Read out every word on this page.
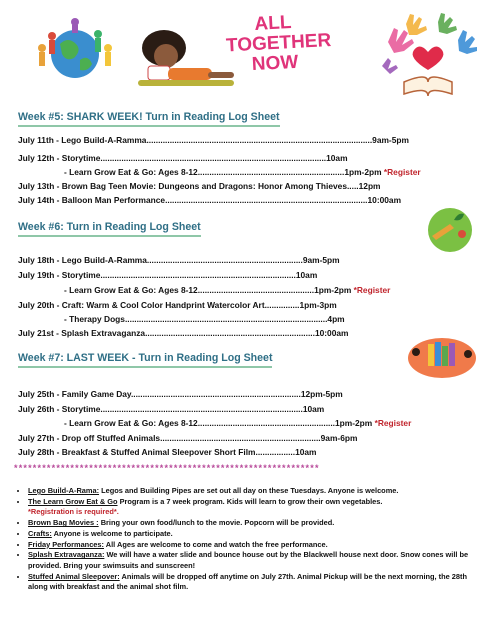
ALL
TOGETHER
NOW
Week #5: SHARK WEEK! Turn in Reading Log Sheet
July 11th - Lego Build-A-Ramma.................................................................................................9am-5pm
July 12th - Storytime.................................................................................................10am
- Learn Grow Eat & Go: Ages 8-12...............................................................1pm-2pm *Register
July 13th - Brown Bag Teen Movie: Dungeons and Dragons: Honor Among Thieves.....12pm
July 14th - Balloon Man Performance.......................................................................................10:00am
Week #6: Turn in Reading Log Sheet
July 18th - Lego Build-A-Ramma...................................................................9am-5pm
July 19th - Storytime....................................................................................10am
- Learn Grow Eat & Go: Ages 8-12..................................................1pm-2pm *Register
July 20th - Craft: Warm & Cool Color Handprint Watercolor Art...............1pm-3pm
- Therapy Dogs.......................................................................................4pm
July 21st - Splash Extravaganza.........................................................................10:00am
Week #7: LAST WEEK - Turn in Reading Log Sheet
July 25th - Family Game Day.........................................................................12pm-5pm
July 26th - Storytime.......................................................................................10am
- Learn Grow Eat & Go: Ages 8-12...........................................................1pm-2pm *Register
July 27th - Drop off Stuffed Animals.....................................................................9am-6pm
July 28th - Breakfast & Stuffed Animal Sleepover Short Film.................10am
*****************************************************************
• Lego Build-A-Rama: Legos and Building Pipes are set out all day on these Tuesdays. Anyone is welcome.
• The Learn Grow Eat & Go Program is a 7 week program. Kids will learn to grow their own vegetables.
*Registration is required*.
• Brown Bag Movies : Bring your own food/lunch to the movie. Popcorn will be provided.
• Crafts: Anyone is welcome to participate.
• Friday Performances: All Ages are welcome to come and watch the free performance.
• Splash Extravaganza: We will have a water slide and bounce house out by the Blackwell house next door. Snow cones will be provided. Bring your swimsuits and sunscreen!
• Stuffed Animal Sleepover: Animals will be dropped off anytime on July 27th. Animal Pickup will be the next morning, the 28th along with breakfast and the animal shot film.
